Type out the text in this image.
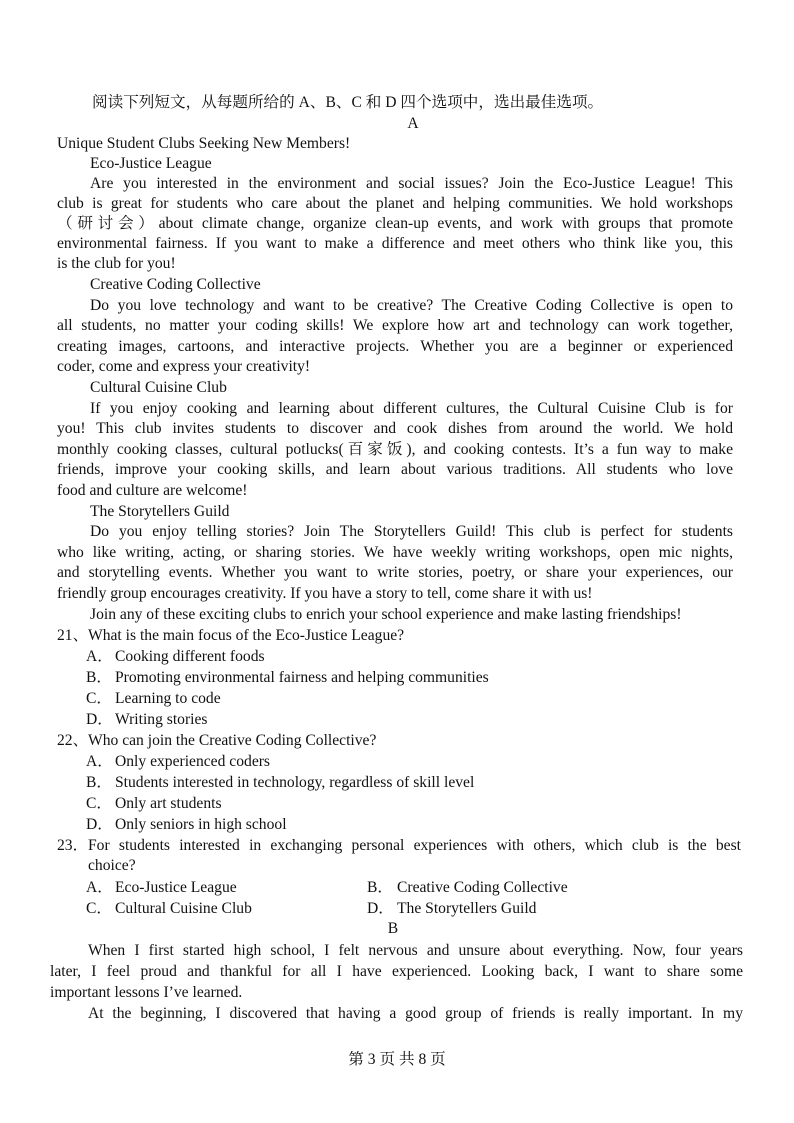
阅读下列短文，从每题所给的 A、B、C 和 D 四个选项中，选出最佳选项。
A
Unique Student Clubs Seeking New Members!
Eco-Justice League
Are you interested in the environment and social issues? Join the Eco-Justice League! This
club is great for students who care about the planet and helping communities. We hold workshops
（研讨会）about climate change, organize clean-up events, and work with groups that promote
environmental fairness. If you want to make a difference and meet others who think like you, this
is the club for you!
Creative Coding Collective
Do you love technology and want to be creative? The Creative Coding Collective is open to
all students, no matter your coding skills! We explore how art and technology can work together,
creating images, cartoons, and interactive projects. Whether you are a beginner or experienced
coder, come and express your creativity!
Cultural Cuisine Club
If you enjoy cooking and learning about different cultures, the Cultural Cuisine Club is for
you! This club invites students to discover and cook dishes from around the world. We hold
monthly cooking classes, cultural potlucks(百家饭), and cooking contests. It’s a fun way to make
friends, improve your cooking skills, and learn about various traditions. All students who love
food and culture are welcome!
The Storytellers Guild
Do you enjoy telling stories? Join The Storytellers Guild! This club is perfect for students
who like writing, acting, or sharing stories. We have weekly writing workshops, open mic nights,
and storytelling events. Whether you want to write stories, poetry, or share your experiences, our
friendly group encourages creativity. If you have a story to tell, come share it with us!
Join any of these exciting clubs to enrich your school experience and make lasting friendships!
21、 What is the main focus of the Eco-Justice League?
A． Cooking different foods
B． Promoting environmental fairness and helping communities
C． Learning to code
D． Writing stories
22、 Who can join the Creative Coding Collective?
A． Only experienced coders
B． Students interested in technology, regardless of skill level
C． Only art students
D． Only seniors in high school
23． For students interested in exchanging personal experiences with others, which club is the best
choice?
A． Eco-Justice League	B． Creative Coding Collective
C． Cultural Cuisine Club	D． The Storytellers Guild
B
When I first started high school, I felt nervous and unsure about everything. Now, four years
later, I feel proud and thankful for all I have experienced. Looking back, I want to share some
important lessons I’ve learned.
At the beginning, I discovered that having a good group of friends is really important. In my
第 3 页 共 8 页
